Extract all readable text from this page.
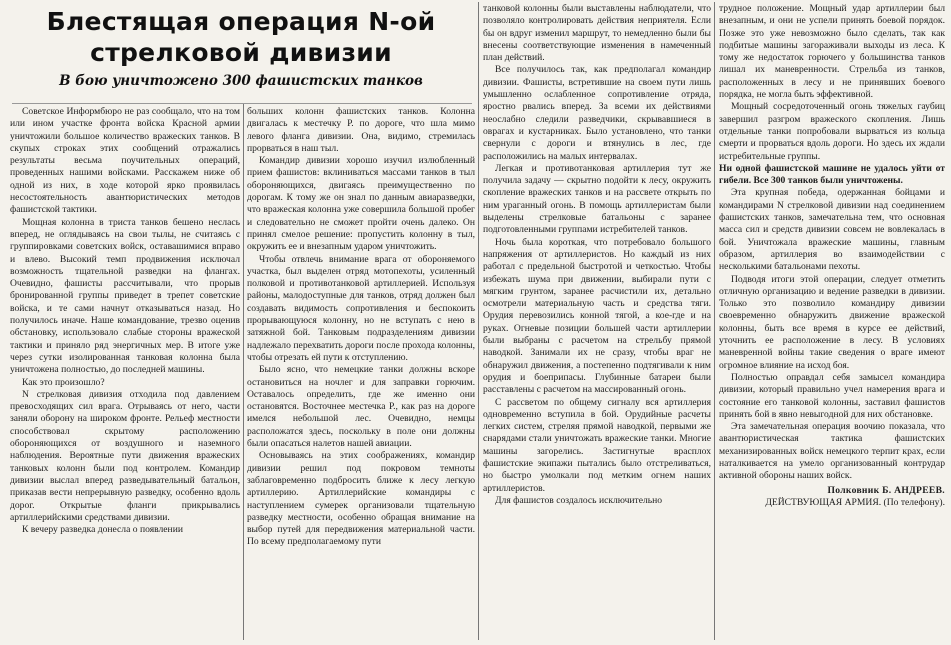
Блестящая операция N-ой стрелковой дивизии
В бою уничтожено 300 фашистских танков

Советское Информбюро не раз сообщало, что на том или ином участке фронта войска Красной армии уничтожили большое количество вражеских танков. В скупых строках этих сообщений отражались результаты весьма поучительных операций, проведенных нашими войсками. Расскажем ниже об одной из них, в ходе которой ярко проявилась несостоятельность авантюристических методов фашистской тактики.

Мощная колонна в триста танков бешено неслась вперед, не оглядываясь на свои тылы, не считаясь с группировками советских войск, оставашимися вправо и влево. Высокий темп продвижения исключал возможность тщательной разведки на флангах. Очевидно, фашисты рассчитывали, что прорыв бронированной группы приведет в трепет советские войска, и те сами начнут отказываться назад. Но получилось иначе. Наше командование, трезво оценив обстановку, использовало слабые стороны вражеской тактики и приняло ряд энергичных мер. В итоге уже через сутки изолированная танковая колонна была уничтожена полностью, до последней машины.

Как это произошло?

N стрелковая дивизия отходила под давлением превосходящих сил врага. Отрываясь от него, части заняли оборону на широком фронте. Рельеф местности способствовал скрытому расположению обороняющихся от воздушного и наземного наблюдения. Вероятные пути движения вражеских танковых колонн были под контролем. Командир дивизии выслал вперед разведывательный батальон, приказав вести непрерывную разведку, особенно вдоль дорог. Открытые фланги прикрывались артиллерийскими средствами дивизии.

К вечеру разведка донесла о появлении

больших колонн фашистских танков. Колонна двигалась к местечку Р. по дороге, что шла мимо левого фланга дивизии. Она, видимо, стремилась прорваться в наш тыл.

Командир дивизии хорошо изучил излюбленный прием фашистов: вклиниваться массами танков в тыл обороняющихся, двигаясь преимущественно по дорогам. К тому же он знал по данным авиаразведки, что вражеская колонна уже совершила большой пробег и следовательно не сможет пройти очень далеко. Он принял смелое решение: пропустить колонну в тыл, окружить ее и внезапным ударом уничтожить.

Чтобы отвлечь внимание врага от обороняемого участка, был выделен отряд мотопехоты, усиленный полковой и противотанковой артиллерией. Используя районы, малодоступные для танков, отряд должен был создавать видимость сопротивления и беспокоить прорывающуюся колонну, но не вступать с нею в затяжной бой. Танковым подразделениям дивизии надлежало перехватить дороги после прохода колонны, чтобы отрезать ей пути к отступлению.

Было ясно, что немецкие танки должны вскоре остановиться на ночлег и для заправки горючим. Оставалось определить, где же именно они остановятся. Восточнее местечка Р., как раз на дороге имелся небольшой лес. Очевидно, немцы расположатся здесь, поскольку в поле они должны были опасаться налетов нашей авиации.

Основываясь на этих соображениях, командир дивизии решил под покровом темноты заблаговременно подбросить ближе к лесу легкую артиллерию. Артиллерийские командиры с наступлением сумерек организовали тщательную разведку местности, особенно обращая внимание на выбор путей для передвижения материальной части. По всему предполагаемому пути

танковой колонны были выставлены наблюдатели, что позволяло контролировать действия неприятеля. Если бы он вдруг изменил маршрут, то немедленно были бы внесены соответствующие изменения в намеченный план действий.

Все получилось так, как предполагал командир дивизии. Фашисты, встретившие на своем пути лишь умышленно ослабленное сопротивление отряда, яростно рвались вперед. За всеми их действиями неослабно следили разведчики, скрывавшиеся в оврагах и кустарниках. Было установлено, что танки свернули с дороги и втянулись в лес, где расположились на малых интервалах.

Легкая и противотанковая артиллерия тут же получила задачу — скрытно подойти к лесу, окружить скопление вражеских танков и на рассвете открыть по ним ураганный огонь. В помощь артиллеристам были выделены стрелковые батальоны с заранее подготовленными группами истребителей танков.

Ночь была короткая, что потребовало большого напряжения от артиллеристов. Но каждый из них работал с предельной быстротой и четкостью. Чтобы избежать шума при движении, выбирали пути с мягким грунтом, заранее расчистили их, детально осмотрели материальную часть и средства тяги. Орудия перевозились конной тягой, а кое-где и на руках. Огневые позиции большей части артиллерии были выбраны с расчетом на стрельбу прямой наводкой. Занимали их не сразу, чтобы враг не обнаружил движения, а постепенно подтягивали к ним орудия и боеприпасы. Глубинные батареи были расставлены с расчетом на массированный огонь.

С рассветом по общему сигналу вся артиллерия одновременно вступила в бой. Орудийные расчеты легких систем, стреляя прямой наводкой, первыми же снарядами стали уничтожать вражеские танки. Многие машины загорелись. Застигнутые врасплох фашистские экипажи пытались было отстреливаться, но быстро умолкали под метким огнем наших артиллеристов.

Для фашистов создалось исключительно

трудное положение. Мощный удар артиллерии был внезапным, и они не успели принять боевой порядок. Позже это уже невозможно было сделать, так как подбитые машины загораживали выходы из леса. К тому же недостаток горючего у большинства танков лишал их маневренности. Стрельба из танков, расположенных в лесу и не принявших боевого порядка, не могла быть эффективной.

Мощный сосредоточенный огонь тяжелых гаубиц завершил разгром вражеского скопления. Лишь отдельные танки попробовали вырваться из кольца смерти и прорваться вдоль дороги. Но здесь их ждали истребительные группы.

Ни одной фашистской машине не удалось уйти от гибели. Все 300 танков были уничтожены.

Эта крупная победа, одержанная бойцами и командирами N стрелковой дивизии над соединением фашистских танков, замечательна тем, что основная масса сил и средств дивизии совсем не вовлекалась в бой. Уничтожала вражеские машины, главным образом, артиллерия во взаимодействии с несколькими батальонами пехоты.

Подводя итоги этой операции, следует отметить отличную организацию и ведение разведки в дивизии. Только это позволило командиру дивизии своевременно обнаружить движение вражеской колонны, быть все время в курсе ее действий, уточнить ее расположение в лесу. В условиях маневренной войны такие сведения о враге имеют огромное влияние на исход боя.

Полностью оправдал себя замысел командира дивизии, который правильно учел намерения врага и состояние его танковой колонны, заставил фашистов принять бой в явно невыгодной для них обстановке.

Эта замечательная операция воочию показала, что авантюристическая тактика фашистских механизированных войск немецкого терпит крах, если наталкивается на умело организованный контрудар активной обороны наших войск.

Полковник Б. АНДРЕЕВ.

ДЕЙСТВУЮЩАЯ АРМИЯ. (По телефону).
